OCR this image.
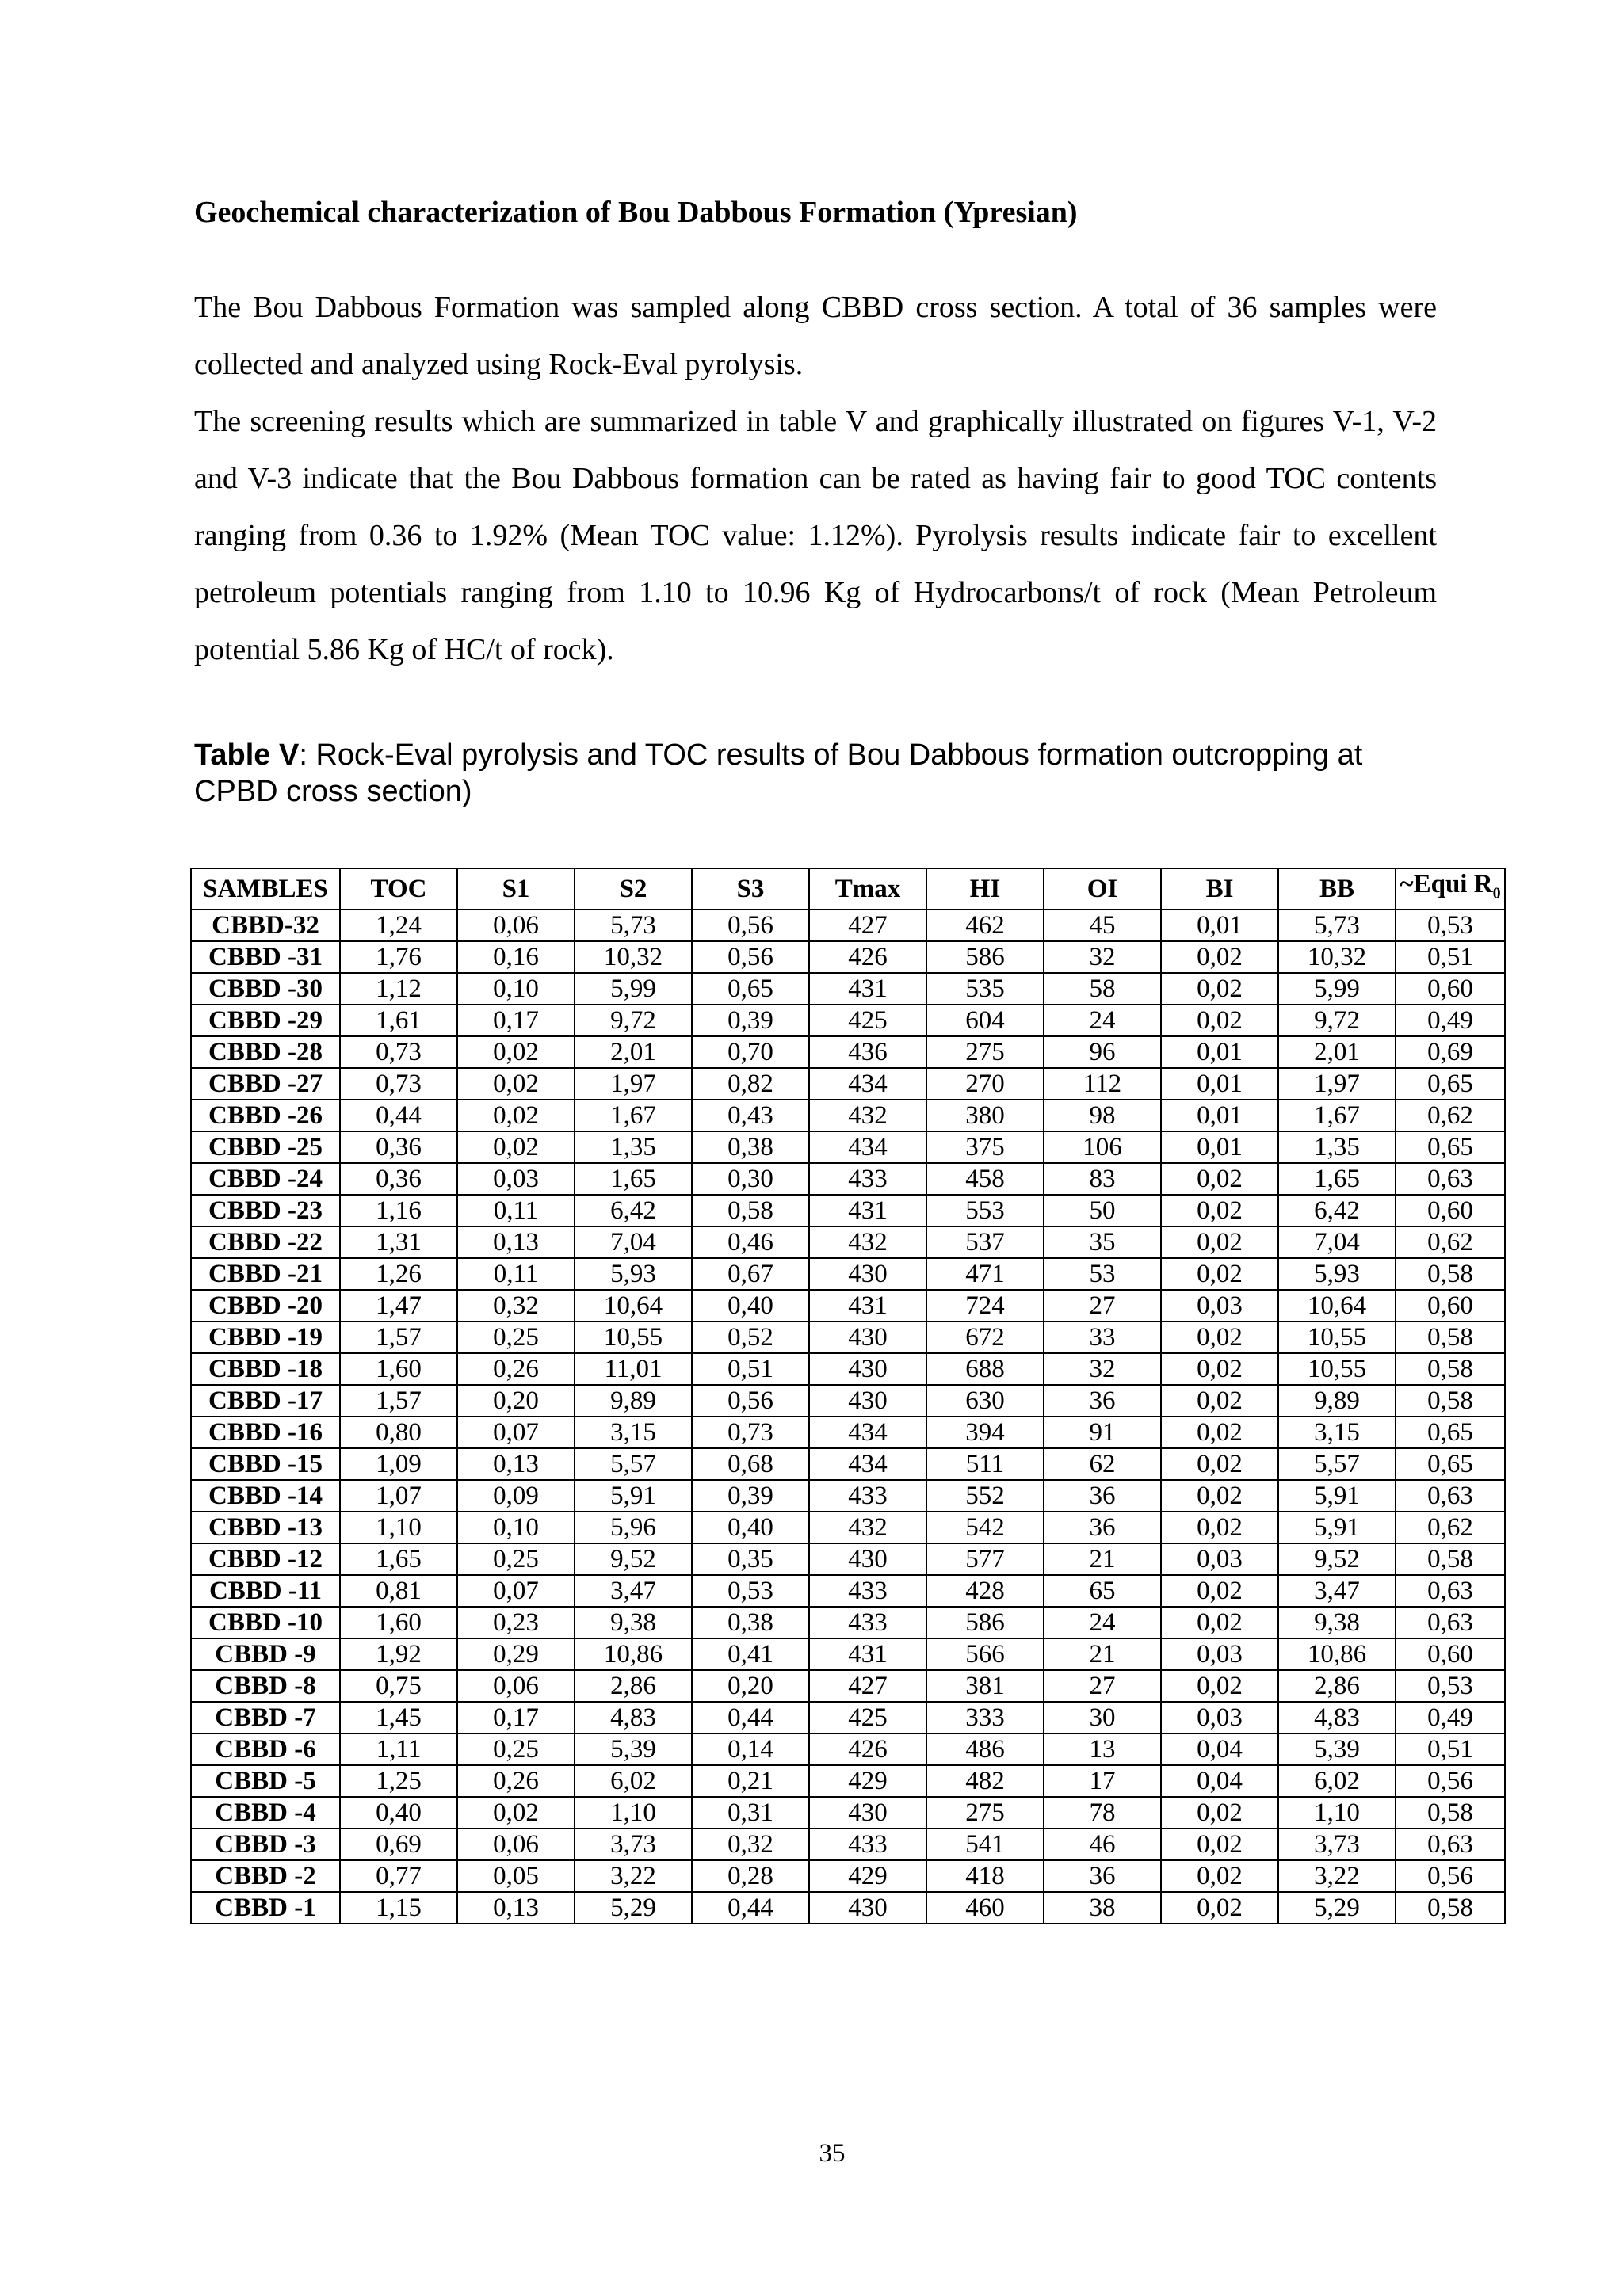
Geochemical characterization of Bou Dabbous Formation (Ypresian)

The Bou Dabbous Formation was sampled along CBBD cross section. A total of 36 samples were collected and analyzed using Rock-Eval pyrolysis.

The screening results which are summarized in table V and graphically illustrated on figures V-1, V-2 and V-3 indicate that the Bou Dabbous formation can be rated as having fair to good TOC contents ranging from 0.36 to 1.92% (Mean TOC value: 1.12%). Pyrolysis results indicate fair to excellent petroleum potentials ranging from 1.10 to 10.96 Kg of Hydrocarbons/t of rock (Mean Petroleum potential 5.86 Kg of HC/t of rock).

Table V: Rock-Eval pyrolysis and TOC results of Bou Dabbous formation outcropping at CPBD cross section)
SAMBLES	TOC	S1	S2	S3	Tmax	HI	OI	BI	BB	~Equi $R_0$
CBBD-32	1,24	0,06	5,73	0,56	427	462	45	0,01	5,73	0,53
CBBD -31	1,76	0,16	10,32	0,56	426	586	32	0,02	10,32	0,51
CBBD -30	1,12	0,10	5,99	0,65	431	535	58	0,02	5,99	0,60
CBBD -29	1,61	0,17	9,72	0,39	425	604	24	0,02	9,72	0,49
CBBD -28	0,73	0,02	2,01	0,70	436	275	96	0,01	2,01	0,69
CBBD -27	0,73	0,02	1,97	0,82	434	270	112	0,01	1,97	0,65
CBBD -26	0,44	0,02	1,67	0,43	432	380	98	0,01	1,67	0,62
CBBD -25	0,36	0,02	1,35	0,38	434	375	106	0,01	1,35	0,65
CBBD -24	0,36	0,03	1,65	0,30	433	458	83	0,02	1,65	0,63
CBBD -23	1,16	0,11	6,42	0,58	431	553	50	0,02	6,42	0,60
CBBD -22	1,31	0,13	7,04	0,46	432	537	35	0,02	7,04	0,62
CBBD -21	1,26	0,11	5,93	0,67	430	471	53	0,02	5,93	0,58
CBBD -20	1,47	0,32	10,64	0,40	431	724	27	0,03	10,64	0,60
CBBD -19	1,57	0,25	10,55	0,52	430	672	33	0,02	10,55	0,58
CBBD -18	1,60	0,26	11,01	0,51	430	688	32	0,02	10,55	0,58
CBBD -17	1,57	0,20	9,89	0,56	430	630	36	0,02	9,89	0,58
CBBD -16	0,80	0,07	3,15	0,73	434	394	91	0,02	3,15	0,65
CBBD -15	1,09	0,13	5,57	0,68	434	511	62	0,02	5,57	0,65
CBBD -14	1,07	0,09	5,91	0,39	433	552	36	0,02	5,91	0,63
CBBD -13	1,10	0,10	5,96	0,40	432	542	36	0,02	5,91	0,62
CBBD -12	1,65	0,25	9,52	0,35	430	577	21	0,03	9,52	0,58
CBBD -11	0,81	0,07	3,47	0,53	433	428	65	0,02	3,47	0,63
CBBD -10	1,60	0,23	9,38	0,38	433	586	24	0,02	9,38	0,63
CBBD -9	1,92	0,29	10,86	0,41	431	566	21	0,03	10,86	0,60
CBBD -8	0,75	0,06	2,86	0,20	427	381	27	0,02	2,86	0,53
CBBD -7	1,45	0,17	4,83	0,44	425	333	30	0,03	4,83	0,49
CBBD -6	1,11	0,25	5,39	0,14	426	486	13	0,04	5,39	0,51
CBBD -5	1,25	0,26	6,02	0,21	429	482	17	0,04	6,02	0,56
CBBD -4	0,40	0,02	1,10	0,31	430	275	78	0,02	1,10	0,58
CBBD -3	0,69	0,06	3,73	0,32	433	541	46	0,02	3,73	0,63
CBBD -2	0,77	0,05	3,22	0,28	429	418	36	0,02	3,22	0,56
CBBD -1	1,15	0,13	5,29	0,44	430	460	38	0,02	5,29	0,58
35
